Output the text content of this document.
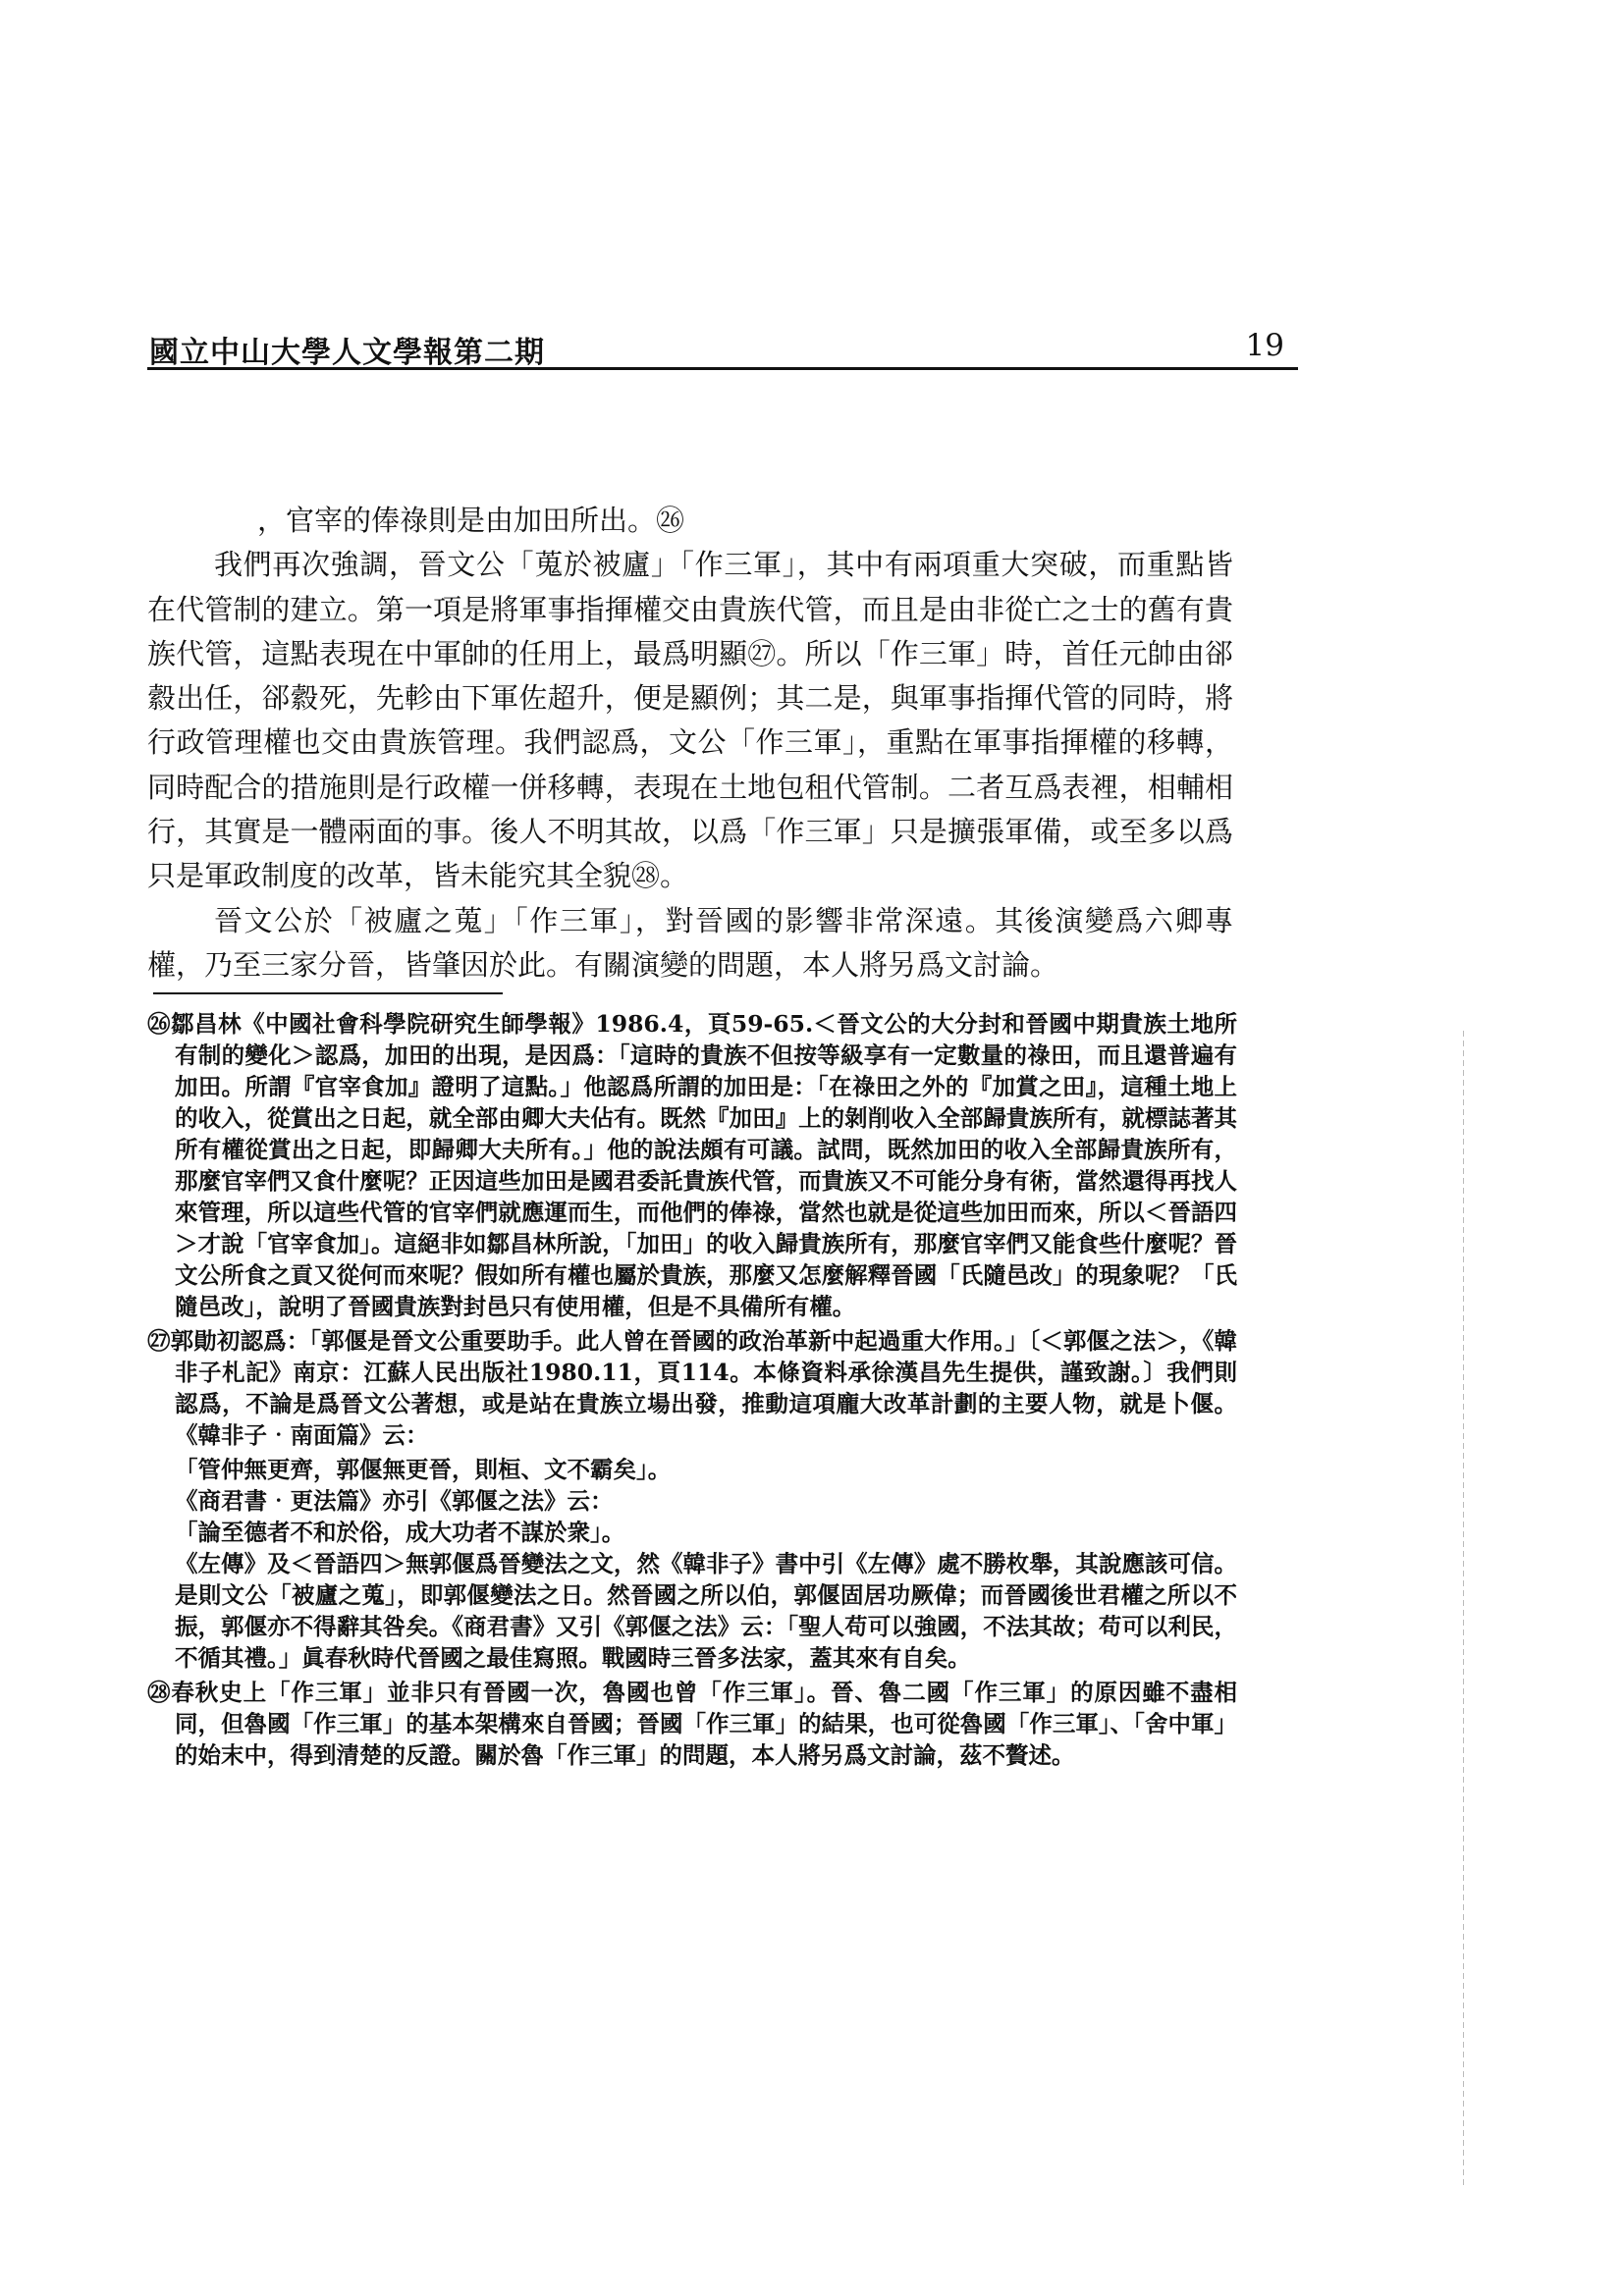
國立中山大學人文學報第二期	19

，官宰的俸祿則是由加田所出。㉖

我們再次強調，晉文公「蒐於被廬」「作三軍」，其中有兩項重大突破，而重點皆在代管制的建立。第一項是將軍事指揮權交由貴族代管，而且是由非從亡之士的舊有貴族代管，這點表現在中軍帥的任用上，最爲明顯㉗。所以「作三軍」時，首任元帥由郤縠出任，郤縠死，先軫由下軍佐超升，便是顯例；其二是，與軍事指揮代管的同時，將行政管理權也交由貴族管理。我們認爲，文公「作三軍」，重點在軍事指揮權的移轉，同時配合的措施則是行政權一併移轉，表現在土地包租代管制。二者互爲表裡，相輔相行，其實是一體兩面的事。後人不明其故，以爲「作三軍」只是擴張軍備，或至多以爲只是軍政制度的改革，皆未能究其全貌㉘。

晉文公於「被廬之蒐」「作三軍」，對晉國的影響非常深遠。其後演變爲六卿專權，乃至三家分晉，皆肇因於此。有關演變的問題，本人將另爲文討論。

㉖鄒昌林《中國社會科學院研究生師學報》1986.4，頁59-65.＜晉文公的大分封和晉國中期貴族土地所有制的變化＞認爲，加田的出現，是因爲：「這時的貴族不但按等級享有一定數量的祿田，而且還普遍有加田。所謂『官宰食加』證明了這點。」他認爲所謂的加田是：「在祿田之外的『加賞之田』，這種土地上的收入，從賞出之日起，就全部由卿大夫佔有。既然『加田』上的剝削收入全部歸貴族所有，就標誌著其所有權從賞出之日起，即歸卿大夫所有。」他的說法頗有可議。試問，既然加田的收入全部歸貴族所有，那麼官宰們又食什麼呢？正因這些加田是國君委託貴族代管，而貴族又不可能分身有術，當然還得再找人來管理，所以這些代管的官宰們就應運而生，而他們的俸祿，當然也就是從這些加田而來，所以＜晉語四＞才說「官宰食加」。這絕非如鄒昌林所說，「加田」的收入歸貴族所有，那麼官宰們又能食些什麼呢？晉文公所食之貢又從何而來呢？假如所有權也屬於貴族，那麼又怎麼解釋晉國「氏隨邑改」的現象呢？「氏隨邑改」，說明了晉國貴族對封邑只有使用權，但是不具備所有權。

㉗郭勛初認爲：「郭偃是晉文公重要助手。此人曾在晉國的政治革新中起過重大作用。」〔＜郭偃之法＞，《韓非子札記》南京：江蘇人民出版社1980.11，頁114。本條資料承徐漢昌先生提供，謹致謝。〕我們則認爲，不論是爲晉文公著想，或是站在貴族立場出發，推動這項龐大改革計劃的主要人物，就是卜偃。《韓非子‧南面篇》云：

「管仲無更齊，郭偃無更晉，則桓、文不霸矣」。

《商君書‧更法篇》亦引《郭偃之法》云：

「論至德者不和於俗，成大功者不謀於衆」。

《左傳》及＜晉語四＞無郭偃爲晉變法之文，然《韓非子》書中引《左傳》處不勝枚舉，其說應該可信。是則文公「被廬之蒐」，即郭偃變法之日。然晉國之所以伯，郭偃固居功厥偉；而晉國後世君權之所以不振，郭偃亦不得辭其咎矣。《商君書》又引《郭偃之法》云：「聖人苟可以強國，不法其故；苟可以利民，不循其禮。」眞春秋時代晉國之最佳寫照。戰國時三晉多法家，蓋其來有自矣。

㉘春秋史上「作三軍」並非只有晉國一次，魯國也曾「作三軍」。晉、魯二國「作三軍」的原因雖不盡相同，但魯國「作三軍」的基本架構來自晉國；晉國「作三軍」的結果，也可從魯國「作三軍」、「舍中軍」的始末中，得到清楚的反證。關於魯「作三軍」的問題，本人將另爲文討論，茲不贅述。
